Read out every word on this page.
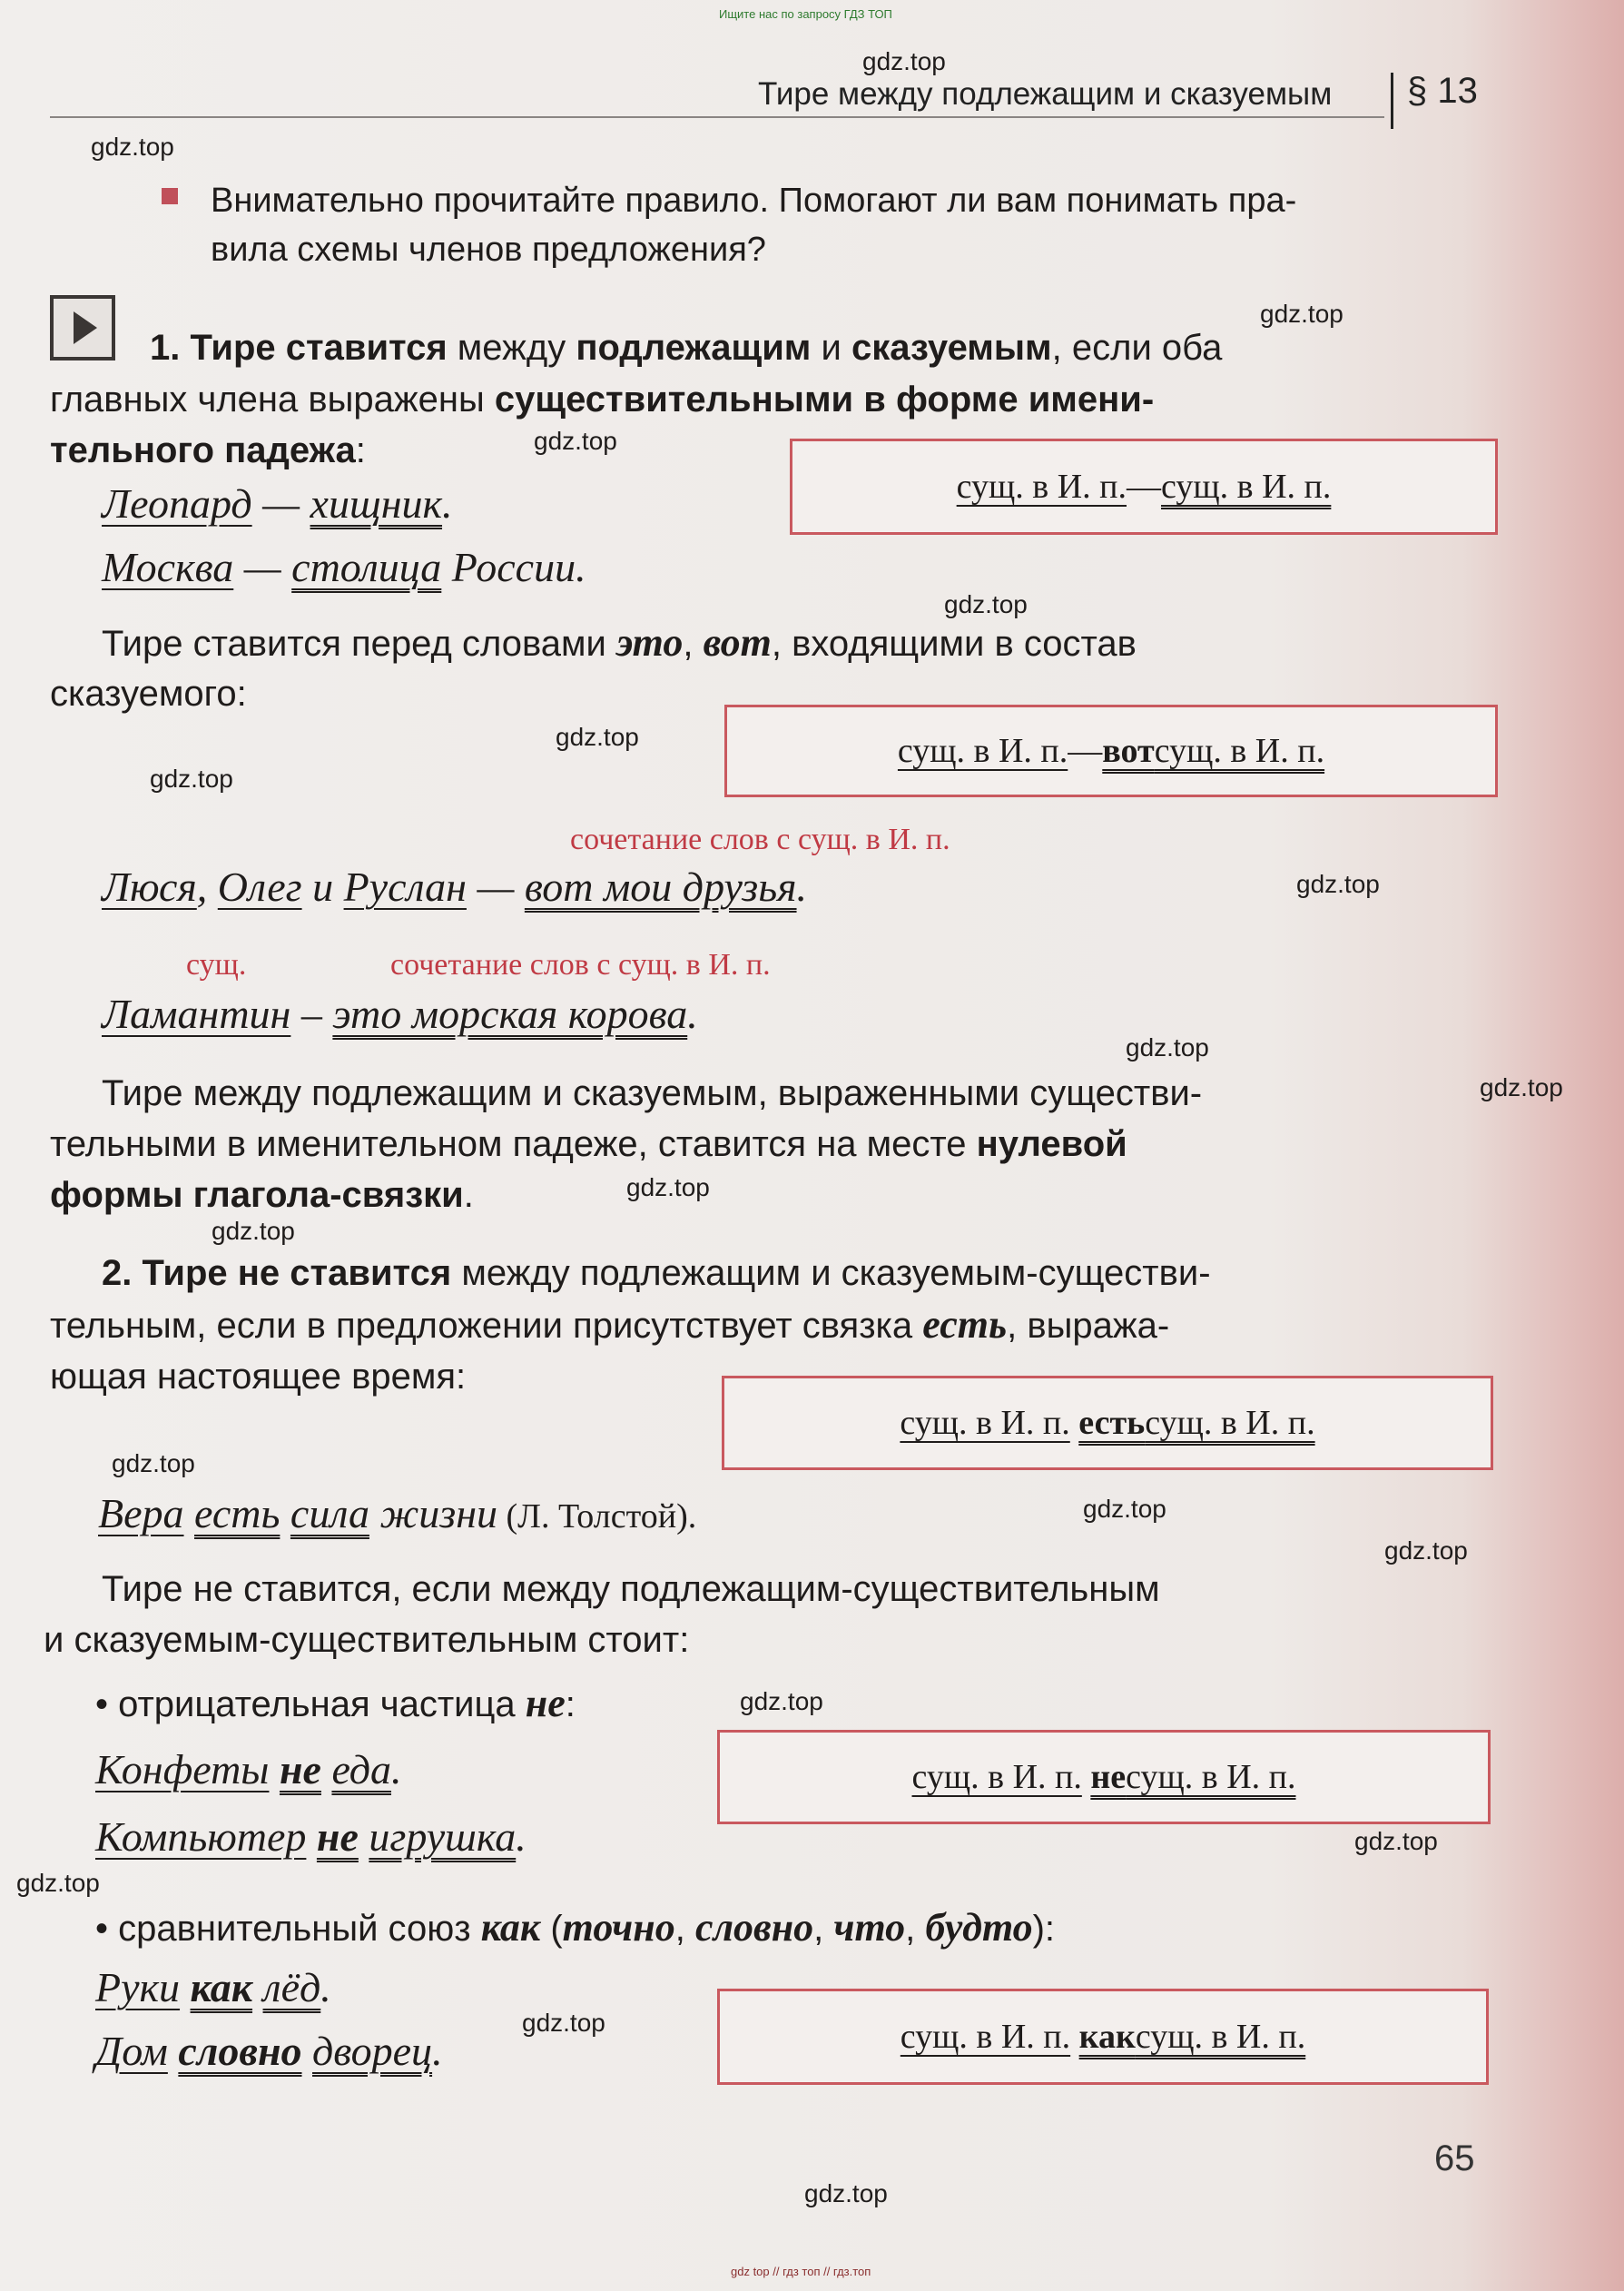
Ищите нас по запросу ГДЗ ТОП
Тире между подлежащим и сказуемым § 13
Внимательно прочитайте правило. Помогают ли вам понимать пра-
вила схемы членов предложения?
1. Тире ставится между подлежащим и сказуемым, если оба
главных члена выражены существительными в форме имени-
тельного падежа:
сущ. в И. п. — сущ. в И. п.
Леопард — хищник.
Москва — столица России.
Тире ставится перед словами это, вот, входящими в состав
сказуемого:
сущ. в И. п. — вот сущ. в И. п.
сочетание слов с сущ. в И. п.
Люся, Олег и Руслан — вот мои друзья.
сущ.	сочетание слов с сущ. в И. п.
Ламантин – это морская корова.
Тире между подлежащим и сказуемым, выраженными существи-
тельными в именительном падеже, ставится на месте нулевой
формы глагола-связки.
2. Тире не ставится между подлежащим и сказуемым-существи-
тельным, если в предложении присутствует связка есть, выража-
ющая настоящее время:
сущ. в И. п.
есть сущ. в И. п.
Вера есть сила жизни (Л. Толстой).
Тире не ставится, если между подлежащим-существительным
и сказуемым-существительным стоит:
• отрицательная частица не:
сущ. в И. п.
не сущ. в И. п.
Конфеты не еда.
Компьютер не игрушка.
• сравнительный союз как (точно, словно, что, будто):
сущ. в И. п.
как сущ. в И. п.
Руки как лёд.
Дом словно дворец.
65
gdz.top
gdz.top
gdz.top
gdz.top
gdz.top
gdz.top
gdz.top
gdz.top
gdz.top
gdz.top
gdz.top
gdz.top
gdz.top
gdz.top
gdz.top
gdz.top
gdz.top
gdz.top
gdz.top
gdz.top
gdz top // гдз топ // гдз.топ
